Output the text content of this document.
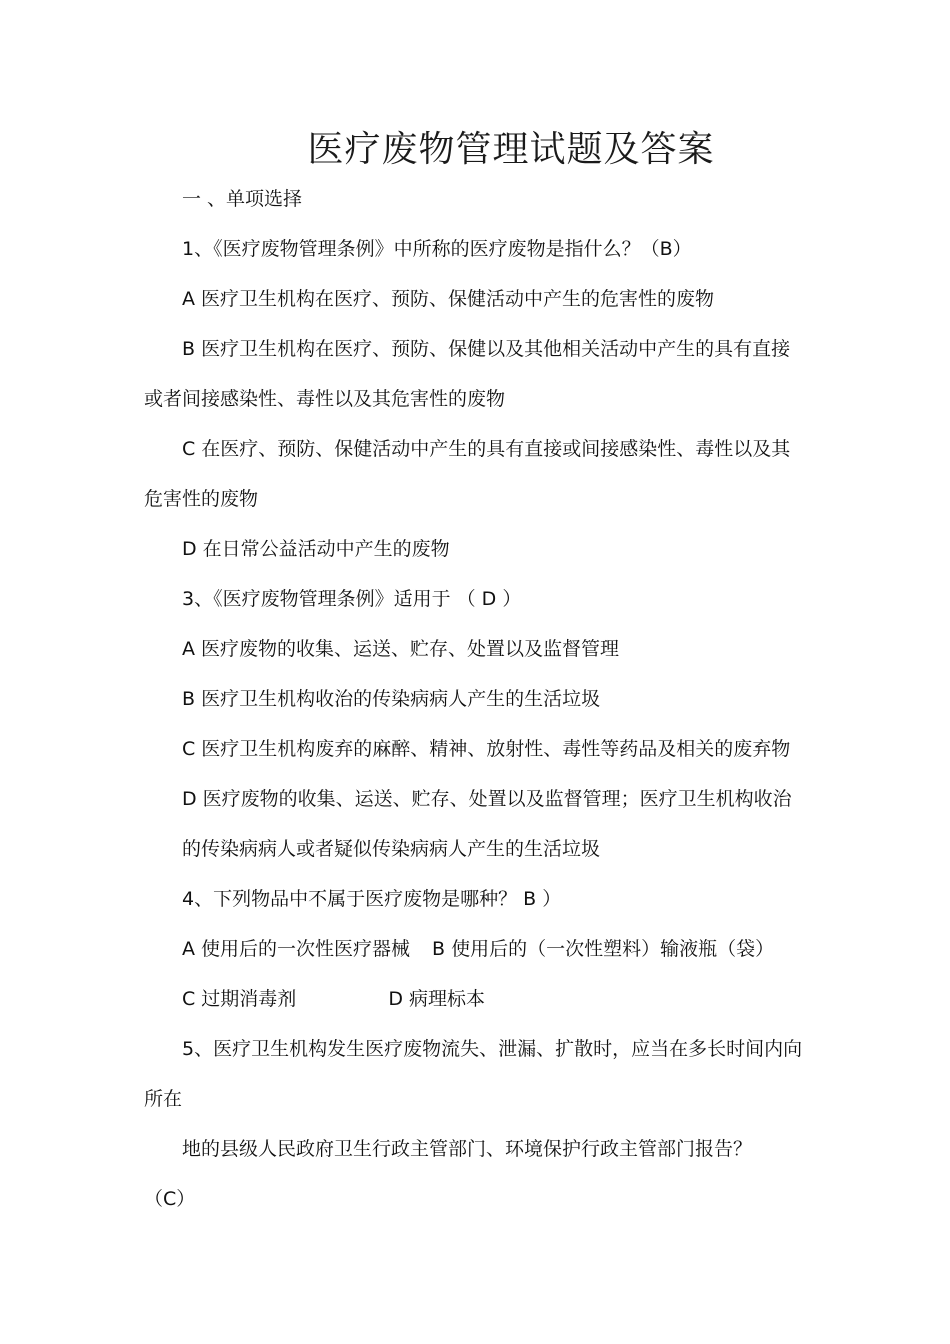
医疗废物管理试题及答案
一 、单项选择
1、《医疗废物管理条例》中所称的医疗废物是指什么？（B）
A 医疗卫生机构在医疗、预防、保健活动中产生的危害性的废物
B 医疗卫生机构在医疗、预防、保健以及其他相关活动中产生的具有直接
或者间接感染性、毒性以及其危害性的废物
C 在医疗、预防、保健活动中产生的具有直接或间接感染性、毒性以及其
危害性的废物
D 在日常公益活动中产生的废物
3、《医疗废物管理条例》适用于 （ D ）
A 医疗废物的收集、运送、贮存、处置以及监督管理
B 医疗卫生机构收治的传染病病人产生的生活垃圾
C 医疗卫生机构废弃的麻醉、精神、放射性、毒性等药品及相关的废弃物
D 医疗废物的收集、运送、贮存、处置以及监督管理；医疗卫生机构收治
的传染病病人或者疑似传染病病人产生的生活垃圾
4、下列物品中不属于医疗废物是哪种？ B ）
A 使用后的一次性医疗器械 B 使用后的（一次性塑料）输液瓶（袋）
C 过期消毒剂	D 病理标本
5、医疗卫生机构发生医疗废物流失、泄漏、扩散时，应当在多长时间内向
所在
地的县级人民政府卫生行政主管部门、环境保护行政主管部门报告？
（C）
